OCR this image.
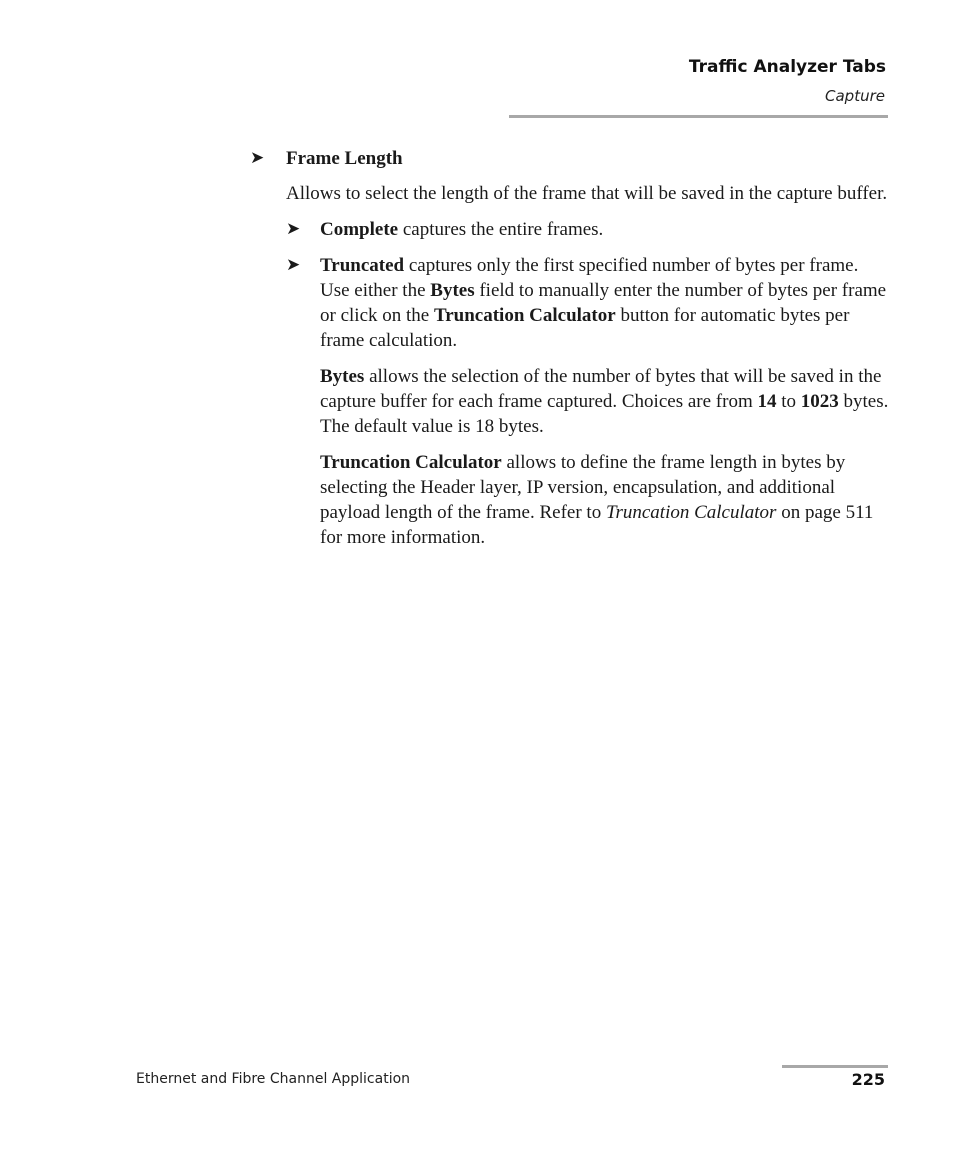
Traffic Analyzer Tabs
Capture
➤ Frame Length
Allows to select the length of the frame that will be saved in the capture buffer.
➤ Complete captures the entire frames.
➤ Truncated captures only the first specified number of bytes per frame. Use either the Bytes field to manually enter the number of bytes per frame or click on the Truncation Calculator button for automatic bytes per frame calculation.
Bytes allows the selection of the number of bytes that will be saved in the capture buffer for each frame captured. Choices are from 14 to 1023 bytes. The default value is 18 bytes.
Truncation Calculator allows to define the frame length in bytes by selecting the Header layer, IP version, encapsulation, and additional payload length of the frame. Refer to Truncation Calculator on page 511 for more information.
Ethernet and Fibre Channel Application	225
